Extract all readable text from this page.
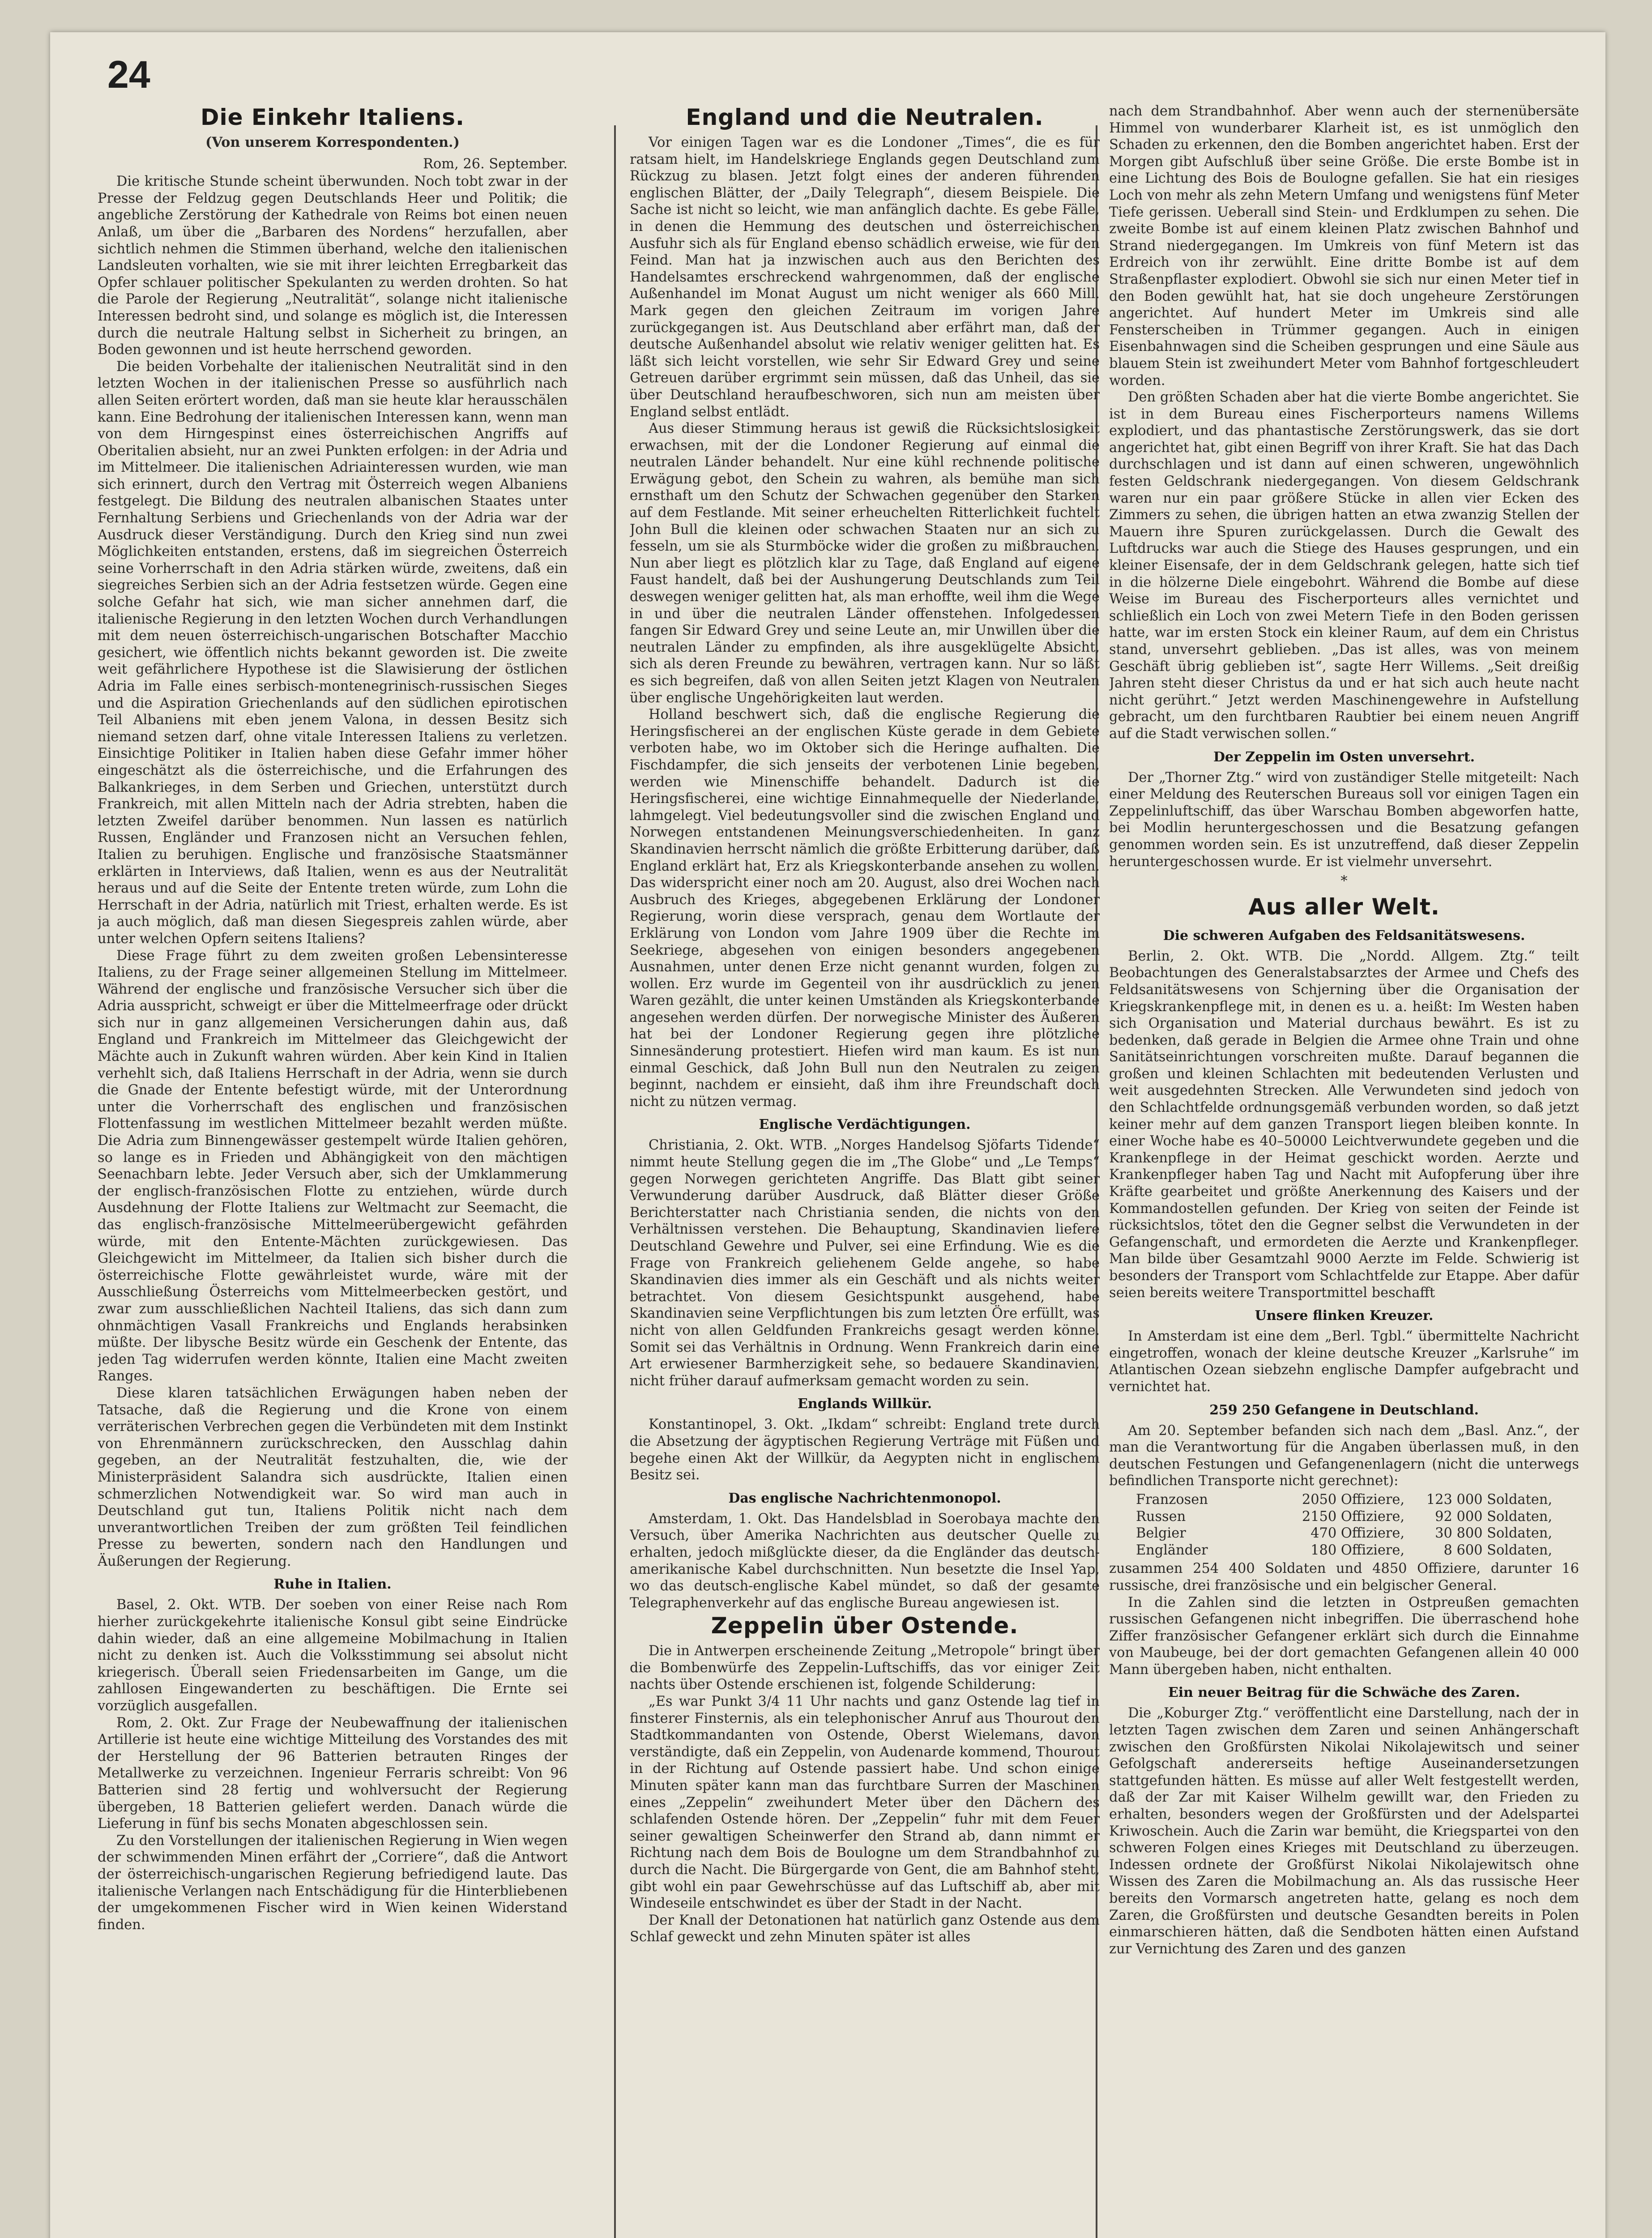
24
Die Einkehr Italiens.
(Von unserem Korrespondenten.)
Rom, 26. September.

Die kritische Stunde scheint überwunden. Noch tobt zwar in der Presse der Feldzug gegen Deutschlands Heer und Politik; die angebliche Zerstörung der Kathedrale von Reims bot einen neuen Anlaß, um über die „Barbaren des Nordens“ herzufallen, aber sichtlich nehmen die Stimmen überhand, welche den italienischen Landsleuten vorhalten, wie sie mit ihrer leichten Erregbarkeit das Opfer schlauer politischer Spekulanten zu werden drohten. So hat die Parole der Regierung „Neutralität“, solange nicht italienische Interessen bedroht sind, und solange es möglich ist, die Interessen durch die neutrale Haltung selbst in Sicherheit zu bringen, an Boden gewonnen und ist heute herrschend geworden.

Die beiden Vorbehalte der italienischen Neutralität sind in den letzten Wochen in der italienischen Presse so ausführlich nach allen Seiten erörtert worden, daß man sie heute klar herausschälen kann. Eine Bedrohung der italienischen Interessen kann, wenn man von dem Hirngespinst eines österreichischen Angriffs auf Oberitalien absieht, nur an zwei Punkten erfolgen: in der Adria und im Mittelmeer. Die italienischen Adriainteressen wurden, wie man sich erinnert, durch den Vertrag mit Österreich wegen Albaniens festgelegt. Die Bildung des neutralen albanischen Staates unter Fernhaltung Serbiens und Griechenlands von der Adria war der Ausdruck dieser Verständigung. Durch den Krieg sind nun zwei Möglichkeiten entstanden, erstens, daß im siegreichen Österreich seine Vorherrschaft in den Adria stärken würde, zweitens, daß ein siegreiches Serbien sich an der Adria festsetzen würde. Gegen eine solche Gefahr hat sich, wie man sicher annehmen darf, die italienische Regierung in den letzten Wochen durch Verhandlungen mit dem neuen österreichisch-ungarischen Botschafter Macchio gesichert, wie öffentlich nichts bekannt geworden ist. Die zweite weit gefährlichere Hypothese ist die Slawisierung der östlichen Adria im Falle eines serbisch-montenegrinisch-russischen Sieges und die Aspiration Griechenlands auf den südlichen epirotischen Teil Albaniens mit eben jenem Valona, in dessen Besitz sich niemand setzen darf, ohne vitale Interessen Italiens zu verletzen. Einsichtige Politiker in Italien haben diese Gefahr immer höher eingeschätzt als die österreichische, und die Erfahrungen des Balkankrieges, in dem Serben und Griechen, unterstützt durch Frankreich, mit allen Mitteln nach der Adria strebten, haben die letzten Zweifel darüber benommen. Nun lassen es natürlich Russen, Engländer und Franzosen nicht an Versuchen fehlen, Italien zu beruhigen. Englische und französische Staatsmänner erklärten in Interviews, daß Italien, wenn es aus der Neutralität heraus und auf die Seite der Entente treten würde, zum Lohn die Herrschaft in der Adria, natürlich mit Triest, erhalten werde. Es ist ja auch möglich, daß man diesen Siegespreis zahlen würde, aber unter welchen Opfern seitens Italiens?

Diese Frage führt zu dem zweiten großen Lebensinteresse Italiens, zu der Frage seiner allgemeinen Stellung im Mittelmeer. Während der englische und französische Versucher sich über die Adria ausspricht, schweigt er über die Mittelmeerfrage oder drückt sich nur in ganz allgemeinen Versicherungen dahin aus, daß England und Frankreich im Mittelmeer das Gleichgewicht der Mächte auch in Zukunft wahren würden. Aber kein Kind in Italien verhehlt sich, daß Italiens Herrschaft in der Adria, wenn sie durch die Gnade der Entente befestigt würde, mit der Unterordnung unter die Vorherrschaft des englischen und französischen Flottenfassung im westlichen Mittelmeer bezahlt werden müßte. Die Adria zum Binnengewässer gestempelt würde Italien gehören, so lange es in Frieden und Abhängigkeit von den mächtigen Seenachbarn lebte. Jeder Versuch aber, sich der Umklammerung der englisch-französischen Flotte zu entziehen, würde durch Ausdehnung der Flotte Italiens zur Weltmacht zur Seemacht, die das englisch-französische Mittelmeerübergewicht gefährden würde, mit den Entente-Mächten zurückgewiesen. Das Gleichgewicht im Mittelmeer, da Italien sich bisher durch die österreichische Flotte gewährleistet wurde, wäre mit der Ausschließung Österreichs vom Mittelmeerbecken gestört, und zwar zum ausschließlichen Nachteil Italiens, das sich dann zum ohnmächtigen Vasall Frankreichs und Englands herabsinken müßte. Der libysche Besitz würde ein Geschenk der Entente, das jeden Tag widerrufen werden könnte, Italien eine Macht zweiten Ranges.

Diese klaren tatsächlichen Erwägungen haben neben der Tatsache, daß die Regierung und die Krone von einem verräterischen Verbrechen gegen die Verbündeten mit dem Instinkt von Ehrenmännern zurückschrecken, den Ausschlag dahin gegeben, an der Neutralität festzuhalten, die, wie der Ministerpräsident Salandra sich ausdrückte, Italien einen schmerzlichen Notwendigkeit war. So wird man auch in Deutschland gut tun, Italiens Politik nicht nach dem unverantwortlichen Treiben der zum größten Teil feindlichen Presse zu bewerten, sondern nach den Handlungen und Äußerungen der Regierung.

Ruhe in Italien.

Basel, 2. Okt. WTB. Der soeben von einer Reise nach Rom hierher zurückgekehrte italienische Konsul gibt seine Eindrücke dahin wieder, daß an eine allgemeine Mobilmachung in Italien nicht zu denken ist. Auch die Volksstimmung sei absolut nicht kriegerisch. Überall seien Friedensarbeiten im Gange, um die zahllosen Eingewanderten zu beschäftigen. Die Ernte sei vorzüglich ausgefallen.

Rom, 2. Okt. Zur Frage der Neubewaffnung der italienischen Artillerie ist heute eine wichtige Mitteilung des Vorstandes des mit der Herstellung der 96 Batterien betrauten Ringes der Metallwerke zu verzeichnen. Ingenieur Ferraris schreibt: Von 96 Batterien sind 28 fertig und wohlversucht der Regierung übergeben, 18 Batterien geliefert werden. Danach würde die Lieferung in fünf bis sechs Monaten abgeschlossen sein.

Zu den Vorstellungen der italienischen Regierung in Wien wegen der schwimmenden Minen erfährt der „Corriere“, daß die Antwort der österreichisch-ungarischen Regierung befriedigend laute. Das italienische Verlangen nach Entschädigung für die Hinterbliebenen der umgekommenen Fischer wird in Wien keinen Widerstand finden.

England und die Neutralen.

Vor einigen Tagen war es die Londoner „Times“, die es für ratsam hielt, im Handelskriege Englands gegen Deutschland zum Rückzug zu blasen. Jetzt folgt eines der anderen führenden englischen Blätter, der „Daily Telegraph“, diesem Beispiele. Die Sache ist nicht so leicht, wie man anfänglich dachte. Es gebe Fälle, in denen die Hemmung des deutschen und österreichischen Ausfuhr sich als für England ebenso schädlich erweise, wie für den Feind. Man hat ja inzwischen auch aus den Berichten des Handelsamtes erschreckend wahrgenommen, daß der englische Außenhandel im Monat August um nicht weniger als 660 Mill. Mark gegen den gleichen Zeitraum im vorigen Jahre zurückgegangen ist. Aus Deutschland aber erfährt man, daß der deutsche Außenhandel absolut wie relativ weniger gelitten hat. Es läßt sich leicht vorstellen, wie sehr Sir Edward Grey und seine Getreuen darüber ergrimmt sein müssen, daß das Unheil, das sie über Deutschland heraufbeschworen, sich nun am meisten über England selbst entlädt.

Aus dieser Stimmung heraus ist gewiß die Rücksichtslosigkeit erwachsen, mit der die Londoner Regierung auf einmal die neutralen Länder behandelt. Nur eine kühl rechnende politische Erwägung gebot, den Schein zu wahren, als bemühe man sich ernsthaft um den Schutz der Schwachen gegenüber den Starken auf dem Festlande. Mit seiner erheuchelten Ritterlichkeit fuchtelt John Bull die kleinen oder schwachen Staaten nur an sich zu fesseln, um sie als Sturmböcke wider die großen zu mißbrauchen. Nun aber liegt es plötzlich klar zu Tage, daß England auf eigene Faust handelt, daß bei der Aushungerung Deutschlands zum Teil deswegen weniger gelitten hat, als man erhoffte, weil ihm die Wege in und über die neutralen Länder offenstehen. Infolgedessen fangen Sir Edward Grey und seine Leute an, mir Unwillen über die neutralen Länder zu empfinden, als ihre ausgeklügelte Absicht, sich als deren Freunde zu bewähren, vertragen kann. Nur so läßt es sich begreifen, daß von allen Seiten jetzt Klagen von Neutralen über englische Ungehörigkeiten laut werden.

Holland beschwert sich, daß die englische Regierung die Heringsfischerei an der englischen Küste gerade in dem Gebiete verboten habe, wo im Oktober sich die Heringe aufhalten. Die Fischdampfer, die sich jenseits der verbotenen Linie begeben, werden wie Minenschiffe behandelt. Dadurch ist die Heringsfischerei, eine wichtige Einnahmequelle der Niederlande, lahmgelegt. Viel bedeutungsvoller sind die zwischen England und Norwegen entstandenen Meinungsverschiedenheiten. In ganz Skandinavien herrscht nämlich die größte Erbitterung darüber, daß England erklärt hat, Erz als Kriegskonterbande ansehen zu wollen. Das widerspricht einer noch am 20. August, also drei Wochen nach Ausbruch des Krieges, abgegebenen Erklärung der Londoner Regierung, worin diese versprach, genau dem Wortlaute der Erklärung von London vom Jahre 1909 über die Rechte im Seekriege, abgesehen von einigen besonders angegebenen Ausnahmen, unter denen Erze nicht genannt wurden, folgen zu wollen. Erz wurde im Gegenteil von ihr ausdrücklich zu jenen Waren gezählt, die unter keinen Umständen als Kriegskonterbande angesehen werden dürfen. Der norwegische Minister des Äußeren hat bei der Londoner Regierung gegen ihre plötzliche Sinnesänderung protestiert. Hiefen wird man kaum. Es ist nun einmal Geschick, daß John Bull nun den Neutralen zu zeigen beginnt, nachdem er einsieht, daß ihm ihre Freundschaft doch nicht zu nützen vermag.

Englische Verdächtigungen.

Christiania, 2. Okt. WTB. „Norges Handelsog Sjöfarts Tidende“ nimmt heute Stellung gegen die im „The Globe“ und „Le Temps“ gegen Norwegen gerichteten Angriffe. Das Blatt gibt seiner Verwunderung darüber Ausdruck, daß Blätter dieser Größe Berichterstatter nach Christiania senden, die nichts von den Verhältnissen verstehen. Die Behauptung, Skandinavien liefere Deutschland Gewehre und Pulver, sei eine Erfindung. Wie es die Frage von Frankreich geliehenem Gelde angehe, so habe Skandinavien dies immer als ein Geschäft und als nichts weiter betrachtet. Von diesem Gesichtspunkt ausgehend, habe Skandinavien seine Verpflichtungen bis zum letzten Öre erfüllt, was nicht von allen Geldfunden Frankreichs gesagt werden könne. Somit sei das Verhältnis in Ordnung. Wenn Frankreich darin eine Art erwiesener Barmherzigkeit sehe, so bedauere Skandinavien, nicht früher darauf aufmerksam gemacht worden zu sein.

Englands Willkür.

Konstantinopel, 3. Okt. „Ikdam“ schreibt: England trete durch die Absetzung der ägyptischen Regierung Verträge mit Füßen und begehe einen Akt der Willkür, da Aegypten nicht in englischem Besitz sei.

Das englische Nachrichtenmonopol.

Amsterdam, 1. Okt. Das Handelsblad in Soerobaya machte den Versuch, über Amerika Nachrichten aus deutscher Quelle zu erhalten, jedoch mißglückte dieser, da die Engländer das deutsch-amerikanische Kabel durchschnitten. Nun besetzte die Insel Yap, wo das deutsch-englische Kabel mündet, so daß der gesamte Telegraphenverkehr auf das englische Bureau angewiesen ist.

Zeppelin über Ostende.

Die in Antwerpen erscheinende Zeitung „Metropole“ bringt über die Bombenwürfe des Zeppelin-Luftschiffs, das vor einiger Zeit nachts über Ostende erschienen ist, folgende Schilderung:

„Es war Punkt 3/4 11 Uhr nachts und ganz Ostende lag tief in finsterer Finsternis, als ein telephonischer Anruf aus Thourout den Stadtkommandanten von Ostende, Oberst Wielemans, davon verständigte, daß ein Zeppelin, von Audenarde kommend, Thourout in der Richtung auf Ostende passiert habe. Und schon einige Minuten später kann man das furchtbare Surren der Maschinen eines „Zeppelin“ zweihundert Meter über den Dächern des schlafenden Ostende hören. Der „Zeppelin“ fuhr mit dem Feuer seiner gewaltigen Scheinwerfer den Strand ab, dann nimmt er Richtung nach dem Bois de Boulogne um dem Strandbahnhof zu durch die Nacht. Die Bürgergarde von Gent, die am Bahnhof steht, gibt wohl ein paar Gewehrschüsse auf das Luftschiff ab, aber mit Windeseile entschwindet es über der Stadt in der Nacht.

Der Knall der Detonationen hat natürlich ganz Ostende aus dem Schlaf geweckt und zehn Minuten später ist alles

nach dem Strandbahnhof. Aber wenn auch der sternenübersäte Himmel von wunderbarer Klarheit ist, es ist unmöglich den Schaden zu erkennen, den die Bomben angerichtet haben. Erst der Morgen gibt Aufschluß über seine Größe. Die erste Bombe ist in eine Lichtung des Bois de Boulogne gefallen. Sie hat ein riesiges Loch von mehr als zehn Metern Umfang und wenigstens fünf Meter Tiefe gerissen. Ueberall sind Stein- und Erdklumpen zu sehen. Die zweite Bombe ist auf einem kleinen Platz zwischen Bahnhof und Strand niedergegangen. Im Umkreis von fünf Metern ist das Erdreich von ihr zerwühlt. Eine dritte Bombe ist auf dem Straßenpflaster explodiert. Obwohl sie sich nur einen Meter tief in den Boden gewühlt hat, hat sie doch ungeheure Zerstörungen angerichtet. Auf hundert Meter im Umkreis sind alle Fensterscheiben in Trümmer gegangen. Auch in einigen Eisenbahnwagen sind die Scheiben gesprungen und eine Säule aus blauem Stein ist zweihundert Meter vom Bahnhof fortgeschleudert worden.

Den größten Schaden aber hat die vierte Bombe angerichtet. Sie ist in dem Bureau eines Fischerporteurs namens Willems explodiert, und das phantastische Zerstörungswerk, das sie dort angerichtet hat, gibt einen Begriff von ihrer Kraft. Sie hat das Dach durchschlagen und ist dann auf einen schweren, ungewöhnlich festen Geldschrank niedergegangen. Von diesem Geldschrank waren nur ein paar größere Stücke in allen vier Ecken des Zimmers zu sehen, die übrigen hatten an etwa zwanzig Stellen der Mauern ihre Spuren zurückgelassen. Durch die Gewalt des Luftdrucks war auch die Stiege des Hauses gesprungen, und ein kleiner Eisensafe, der in dem Geldschrank gelegen, hatte sich tief in die hölzerne Diele eingebohrt. Während die Bombe auf diese Weise im Bureau des Fischerporteurs alles vernichtet und schließlich ein Loch von zwei Metern Tiefe in den Boden gerissen hatte, war im ersten Stock ein kleiner Raum, auf dem ein Christus stand, unversehrt geblieben. „Das ist alles, was von meinem Geschäft übrig geblieben ist“, sagte Herr Willems. „Seit dreißig Jahren steht dieser Christus da und er hat sich auch heute nacht nicht gerührt.“ Jetzt werden Maschinengewehre in Aufstellung gebracht, um den furchtbaren Raubtier bei einem neuen Angriff auf die Stadt verwischen sollen.“

Der Zeppelin im Osten unversehrt.

Der „Thorner Ztg.“ wird von zuständiger Stelle mitgeteilt: Nach einer Meldung des Reuterschen Bureaus soll vor einigen Tagen ein Zeppelinluftschiff, das über Warschau Bomben abgeworfen hatte, bei Modlin heruntergeschossen und die Besatzung gefangen genommen worden sein. Es ist unzutreffend, daß dieser Zeppelin heruntergeschossen wurde. Er ist vielmehr unversehrt.

*
Aus aller Welt.
Die schweren Aufgaben des Feldsanitätswesens.

Berlin, 2. Okt. WTB. Die „Nordd. Allgem. Ztg.“ teilt Beobachtungen des Generalstabsarztes der Armee und Chefs des Feldsanitätswesens von Schjerning über die Organisation der Kriegskrankenpflege mit, in denen es u. a. heißt: Im Westen haben sich Organisation und Material durchaus bewährt. Es ist zu bedenken, daß gerade in Belgien die Armee ohne Train und ohne Sanitätseinrichtungen vorschreiten mußte. Darauf begannen die großen und kleinen Schlachten mit bedeutenden Verlusten und weit ausgedehnten Strecken. Alle Verwundeten sind jedoch von den Schlachtfelde ordnungsgemäß verbunden worden, so daß jetzt keiner mehr auf dem ganzen Transport liegen bleiben konnte. In einer Woche habe es 40–50000 Leichtverwundete gegeben und die Krankenpflege in der Heimat geschickt worden. Aerzte und Krankenpfleger haben Tag und Nacht mit Aufopferung über ihre Kräfte gearbeitet und größte Anerkennung des Kaisers und der Kommandostellen gefunden. Der Krieg von seiten der Feinde ist rücksichtslos, tötet den die Gegner selbst die Verwundeten in der Gefangenschaft, und ermordeten die Aerzte und Krankenpfleger. Man bilde über Gesamtzahl 9000 Aerzte im Felde. Schwierig ist besonders der Transport vom Schlachtfelde zur Etappe. Aber dafür seien bereits weitere Transportmittel beschafft

Unsere flinken Kreuzer.

In Amsterdam ist eine dem „Berl. Tgbl.“ übermittelte Nachricht eingetroffen, wonach der kleine deutsche Kreuzer „Karlsruhe“ im Atlantischen Ozean siebzehn englische Dampfer aufgebracht und vernichtet hat.

259 250 Gefangene in Deutschland.

Am 20. September befanden sich nach dem „Basl. Anz.“, der man die Verantwortung für die Angaben überlassen muß, in den deutschen Festungen und Gefangenenlagern (nicht die unterwegs befindlichen Transporte nicht gerechnet):

Franzosen	2050 Offiziere,	123 000 Soldaten,
Russen	2150 Offiziere,	92 000 Soldaten,
Belgier	470 Offiziere,	30 800 Soldaten,
Engländer	180 Offiziere,	8 600 Soldaten,

zusammen 254 400 Soldaten und 4850 Offiziere, darunter 16 russische, drei französische und ein belgischer General.

In die Zahlen sind die letzten in Ostpreußen gemachten russischen Gefangenen nicht inbegriffen. Die überraschend hohe Ziffer französischer Gefangener erklärt sich durch die Einnahme von Maubeuge, bei der dort gemachten Gefangenen allein 40 000 Mann übergeben haben, nicht enthalten.

Ein neuer Beitrag für die Schwäche des Zaren.

Die „Koburger Ztg.“ veröffentlicht eine Darstellung, nach der in letzten Tagen zwischen dem Zaren und seinen Anhängerschaft zwischen den Großfürsten Nikolai Nikolajewitsch und seiner Gefolgschaft andererseits heftige Auseinandersetzungen stattgefunden hätten. Es müsse auf aller Welt festgestellt werden, daß der Zar mit Kaiser Wilhelm gewillt war, den Frieden zu erhalten, besonders wegen der Großfürsten und der Adelspartei Kriwoschein. Auch die Zarin war bemüht, die Kriegspartei von den schweren Folgen eines Krieges mit Deutschland zu überzeugen. Indessen ordnete der Großfürst Nikolai Nikolajewitsch ohne Wissen des Zaren die Mobilmachung an. Als das russische Heer bereits den Vormarsch angetreten hatte, gelang es noch dem Zaren, die Großfürsten und deutsche Gesandten bereits in Polen einmarschieren hätten, daß die Sendboten hätten einen Aufstand zur Vernichtung des Zaren und des ganzen
